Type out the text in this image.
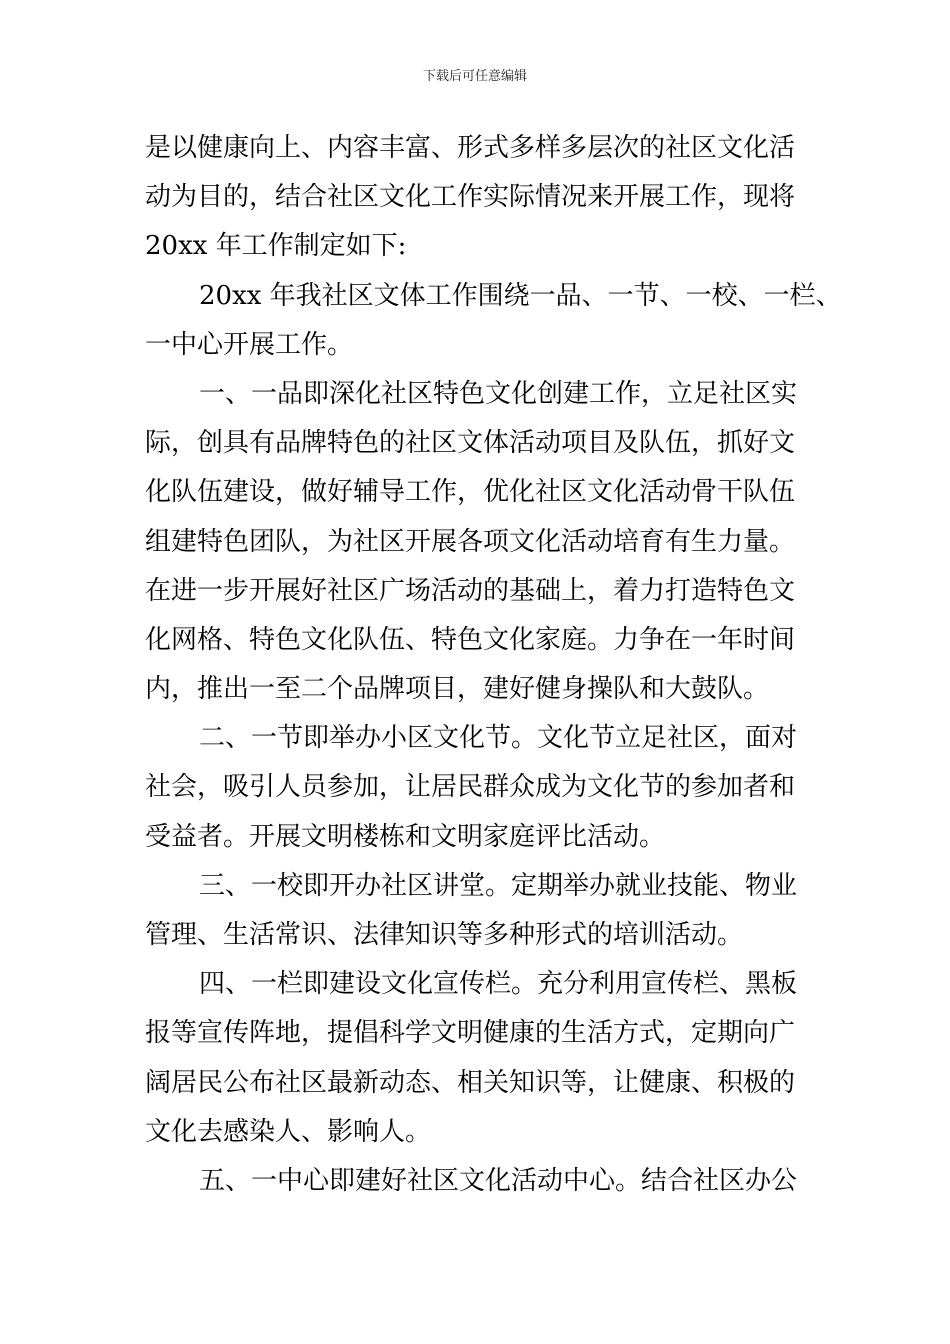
下载后可任意编辑
是以健康向上、内容丰富、形式多样多层次的社区文化活
动为目的，结合社区文化工作实际情况来开展工作，现将
20xx 年工作制定如下:
20xx 年我社区文体工作围绕一品、一节、一校、一栏、
一中心开展工作。
一、一品即深化社区特色文化创建工作，立足社区实
际，创具有品牌特色的社区文体活动项目及队伍，抓好文
化队伍建设，做好辅导工作，优化社区文化活动骨干队伍
组建特色团队，为社区开展各项文化活动培育有生力量。
在进一步开展好社区广场活动的基础上，着力打造特色文
化网格、特色文化队伍、特色文化家庭。力争在一年时间
内，推出一至二个品牌项目，建好健身操队和大鼓队。
二、一节即举办小区文化节。文化节立足社区，面对
社会，吸引人员参加，让居民群众成为文化节的参加者和
受益者。开展文明楼栋和文明家庭评比活动。
三、一校即开办社区讲堂。定期举办就业技能、物业
管理、生活常识、法律知识等多种形式的培训活动。
四、一栏即建设文化宣传栏。充分利用宣传栏、黑板
报等宣传阵地，提倡科学文明健康的生活方式，定期向广
阔居民公布社区最新动态、相关知识等，让健康、积极的
文化去感染人、影响人。
五、一中心即建好社区文化活动中心。结合社区办公
